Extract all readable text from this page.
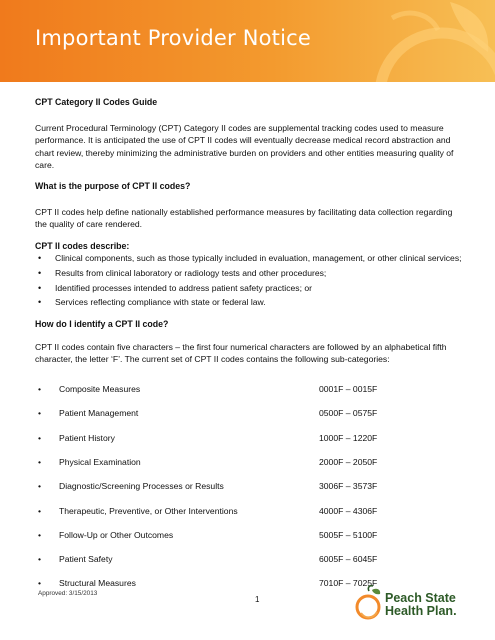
Important Provider Notice
CPT Category II Codes Guide
Current Procedural Terminology (CPT) Category II codes are supplemental tracking codes used to measure performance. It is anticipated the use of CPT II codes will eventually decrease medical record abstraction and chart review, thereby minimizing the administrative burden on providers and other entities measuring quality of care.
What is the purpose of CPT II codes?
CPT II codes help define nationally established performance measures by facilitating data collection regarding the quality of care rendered.
CPT II codes describe:
• Clinical components, such as those typically included in evaluation, management, or other clinical services;
• Results from clinical laboratory or radiology tests and other procedures;
• Identified processes intended to address patient safety practices; or
• Services reflecting compliance with state or federal law.
How do I identify a CPT II code?
CPT II codes contain five characters – the first four numerical characters are followed by an alphabetical fifth character, the letter ‘F’. The current set of CPT II codes contains the following sub-categories:
• Composite Measures	0001F – 0015F
• Patient Management	0500F – 0575F
• Patient History	1000F – 1220F
• Physical Examination	2000F – 2050F
• Diagnostic/Screening Processes or Results	3006F – 3573F
• Therapeutic, Preventive, or Other Interventions	4000F – 4306F
• Follow-Up or Other Outcomes	5005F – 5100F
• Patient Safety	6005F – 6045F
• Structural Measures	7010F – 7025F
Approved: 3/15/2013
1	Peach State
Health Plan.
